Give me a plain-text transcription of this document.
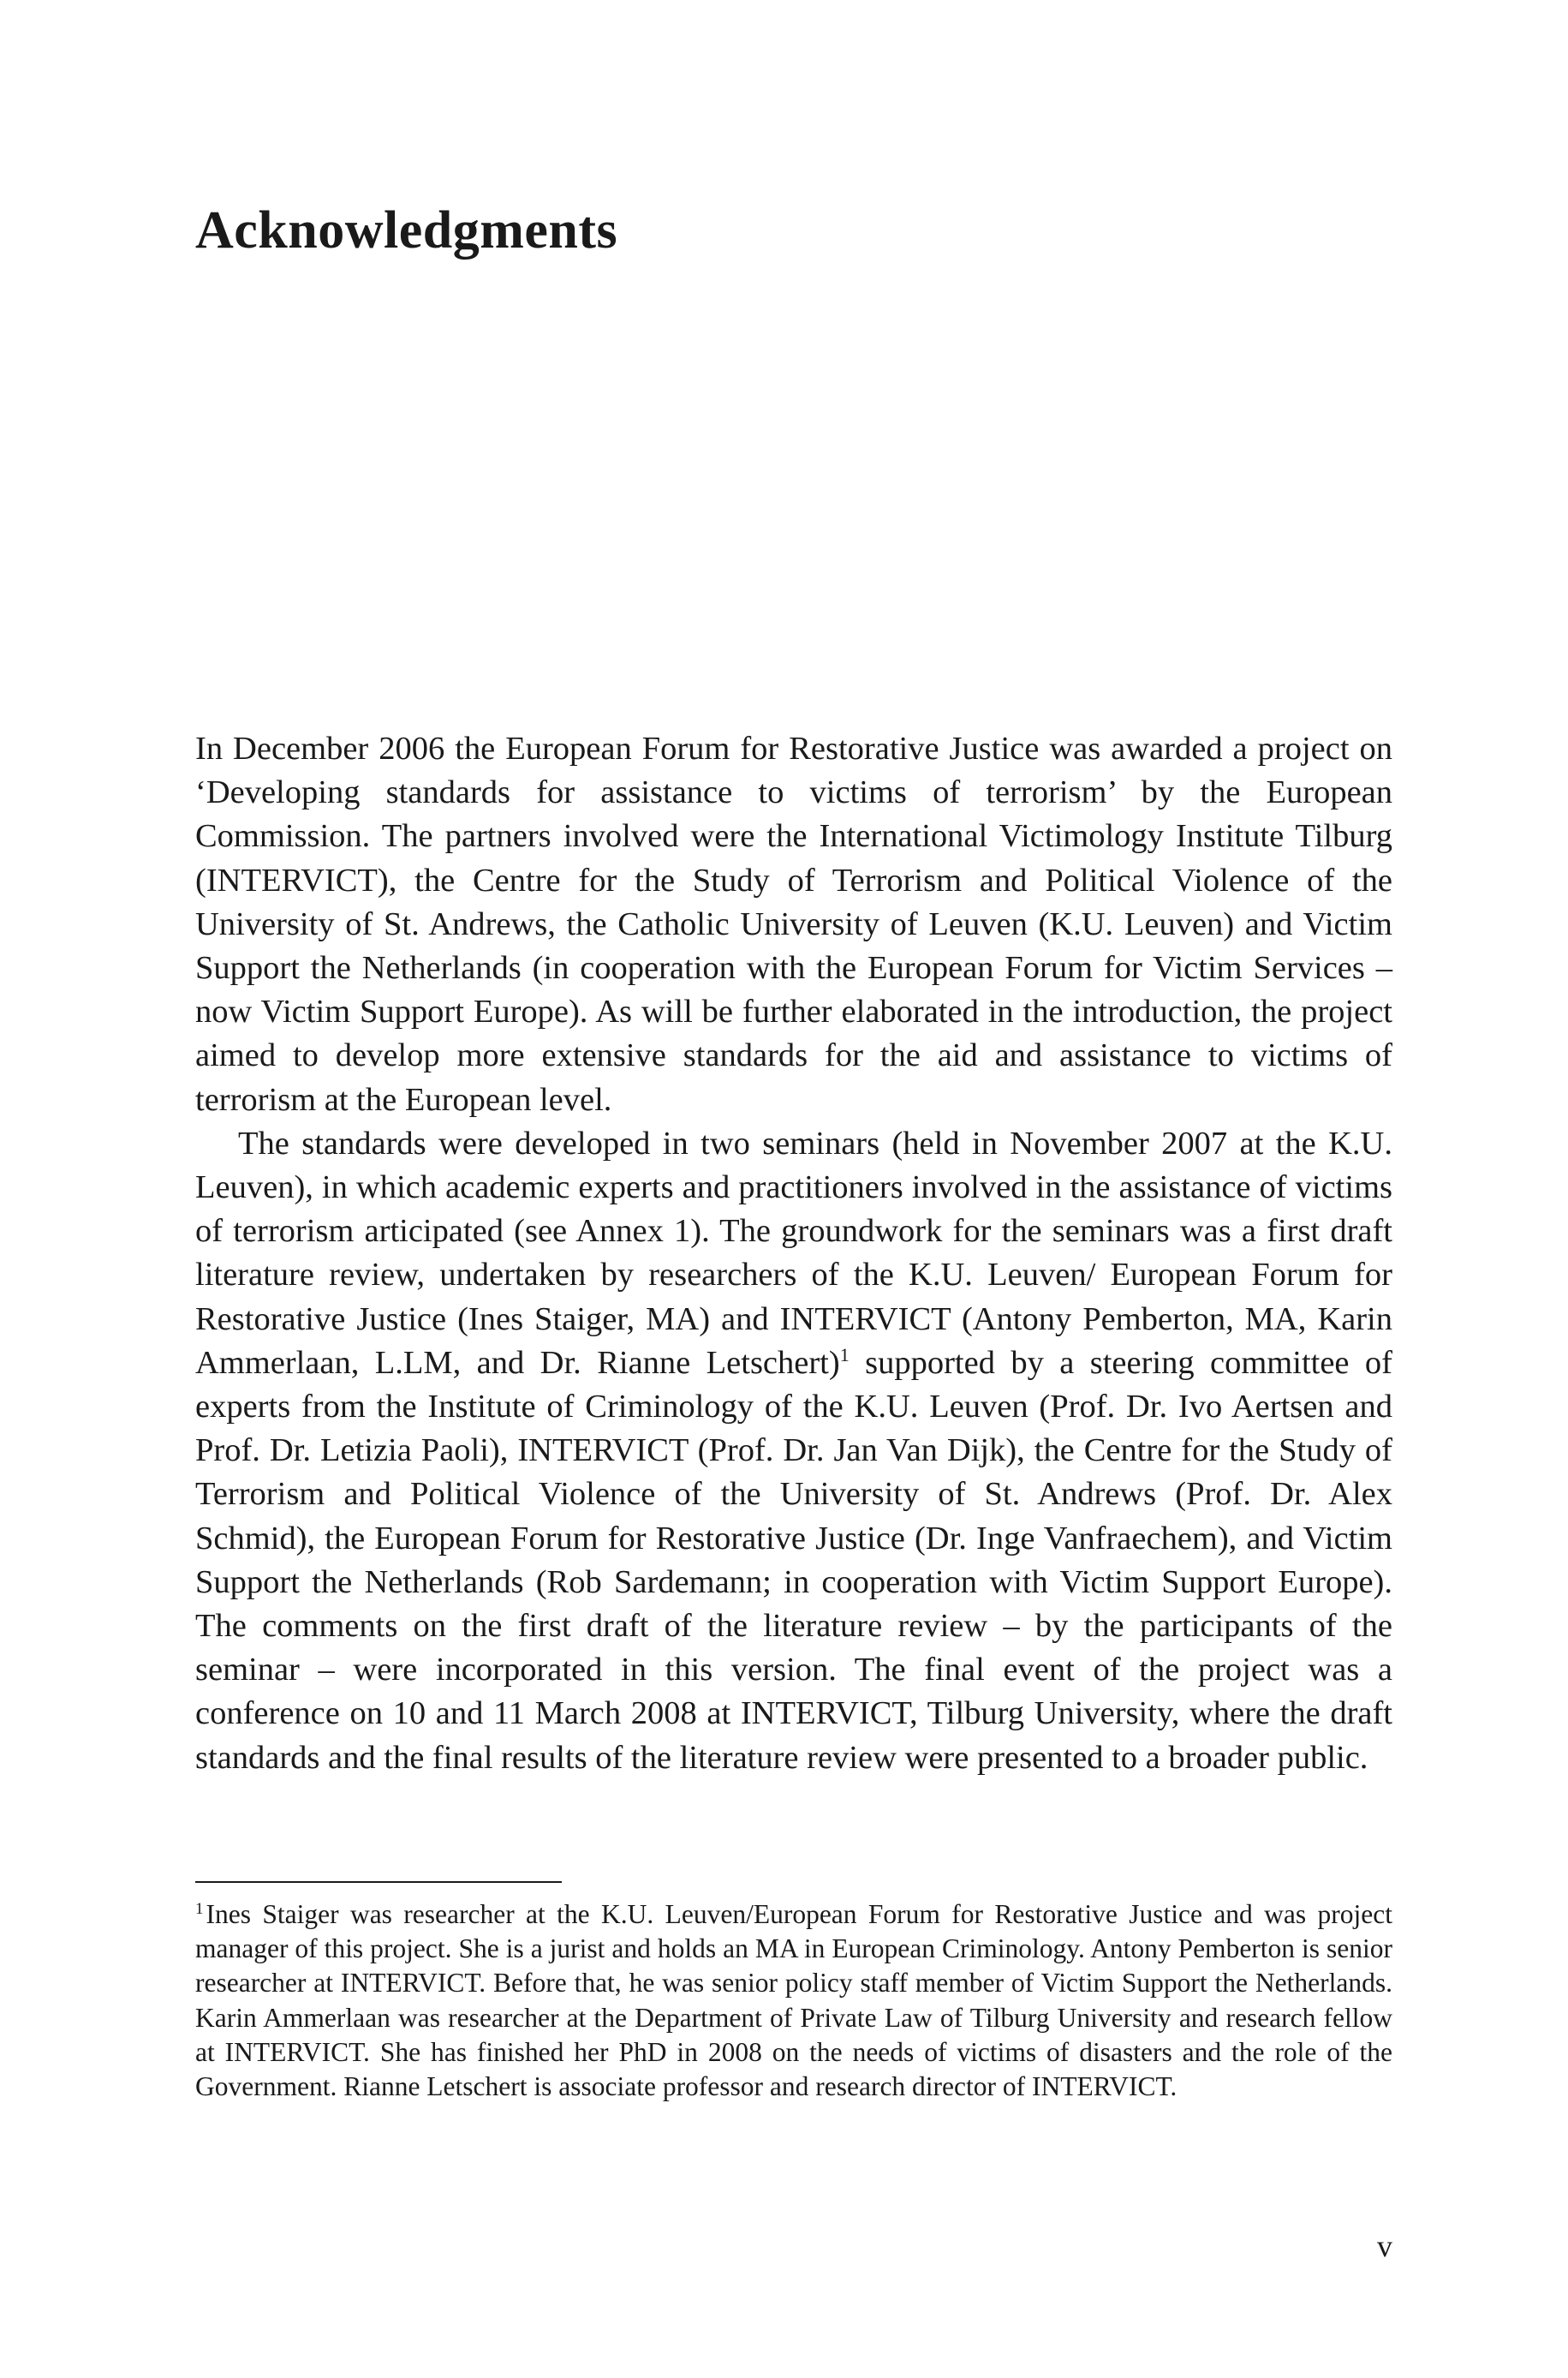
Acknowledgments

In December 2006 the European Forum for Restorative Justice was awarded a project on ‘Developing standards for assistance to victims of terrorism’ by the European Commission. The partners involved were the International Victimology Institute Tilburg (INTERVICT), the Centre for the Study of Terrorism and Political Violence of the University of St. Andrews, the Catholic University of Leuven (K.U. Leuven) and Victim Support the Netherlands (in cooperation with the European Forum for Victim Services – now Victim Support Europe). As will be further elaborated in the introduction, the project aimed to develop more extensive standards for the aid and assistance to victims of terrorism at the European level.

The standards were developed in two seminars (held in November 2007 at the K.U. Leuven), in which academic experts and practitioners involved in the assistance of victims of terrorism articipated (see Annex 1). The groundwork for the seminars was a first draft literature review, undertaken by researchers of the K.U. Leuven/ European Forum for Restorative Justice (Ines Staiger, MA) and INTERVICT (Antony Pemberton, MA, Karin Ammerlaan, L.LM, and Dr. Rianne Letschert)$^1$ supported by a steering committee of experts from the Institute of Criminology of the K.U. Leuven (Prof. Dr. Ivo Aertsen and Prof. Dr. Letizia Paoli), INTERVICT (Prof. Dr. Jan Van Dijk), the Centre for the Study of Terrorism and Political Violence of the University of St. Andrews (Prof. Dr. Alex Schmid), the European Forum for Restorative Justice (Dr. Inge Vanfraechem), and Victim Support the Netherlands (Rob Sardemann; in cooperation with Victim Support Europe). The comments on the first draft of the literature review – by the participants of the seminar – were incorporated in this version. The final event of the project was a conference on 10 and 11 March 2008 at INTERVICT, Tilburg University, where the draft standards and the final results of the literature review were presented to a broader public.

$^1$Ines Staiger was researcher at the K.U. Leuven/European Forum for Restorative Justice and was project manager of this project. She is a jurist and holds an MA in European Criminology. Antony Pemberton is senior researcher at INTERVICT. Before that, he was senior policy staff member of Victim Support the Netherlands. Karin Ammerlaan was researcher at the Department of Private Law of Tilburg University and research fellow at INTERVICT. She has finished her PhD in 2008 on the needs of victims of disasters and the role of the Government. Rianne Letschert is associate professor and research director of INTERVICT.

v
